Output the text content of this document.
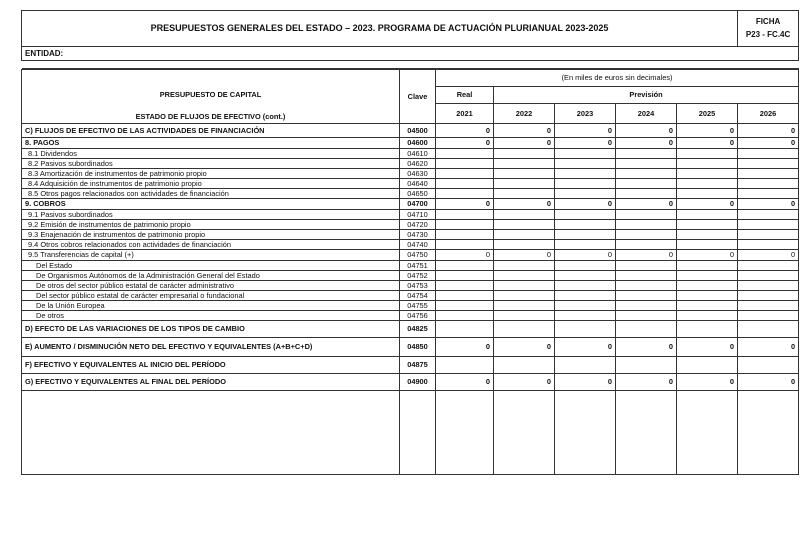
PRESUPUESTOS GENERALES DEL ESTADO – 2023. PROGRAMA DE ACTUACIÓN PLURIANUAL 2023-2025	
FICHA
P23 - FC.4C

ENTIDAD:

PRESUPUESTO DE CAPITAL
ESTADO DE FLUJOS DE EFECTIVO (cont.)	Clave	(En miles de euros sin decimales)					
		Real	Previsión				
		2021	2022	2023	2024	2025	2026
C) FLUJOS DE EFECTIVO DE LAS ACTIVIDADES DE FINANCIACIÓN	04500	0	0	0	0	0	0
8. PAGOS	04600	0	0	0	0	0	0
8.1 Dividendos	04610						
8.2 Pasivos subordinados	04620						
8.3 Amortización de instrumentos de patrimonio propio	04630						
8.4 Adquisición de instrumentos de patrimonio propio	04640						
8.5 Otros pagos relacionados con actividades de financiación	04650						
9. COBROS	04700	0	0	0	0	0	0
9.1 Pasivos subordinados	04710						
9.2 Emisión de instrumentos de patrimonio propio	04720						
9.3 Enajenación de instrumentos de patrimonio propio	04730						
9.4 Otros cobros relacionados con actividades de financiación	04740						
9.5 Transferencias de capital (+)	04750	0	0	0	0	0	0
Del Estado	04751						
De Organismos Autónomos de la Administración General del Estado	04752						
De otros del sector público estatal de carácter administrativo	04753						
Del sector público estatal de carácter empresarial o fundacional	04754						
De la Unión Europea	04755						
De otros	04756						
D) EFECTO DE LAS VARIACIONES DE LOS TIPOS DE CAMBIO	04825						
E) AUMENTO / DISMINUCIÓN NETO DEL EFECTIVO Y EQUIVALENTES (A+B+C+D)	04850	0	0	0	0	0	0
F) EFECTIVO Y EQUIVALENTES AL INICIO DEL PERÍODO	04875						
G) EFECTIVO Y EQUIVALENTES AL FINAL DEL PERÍODO	04900	0	0	0	0	0	0
